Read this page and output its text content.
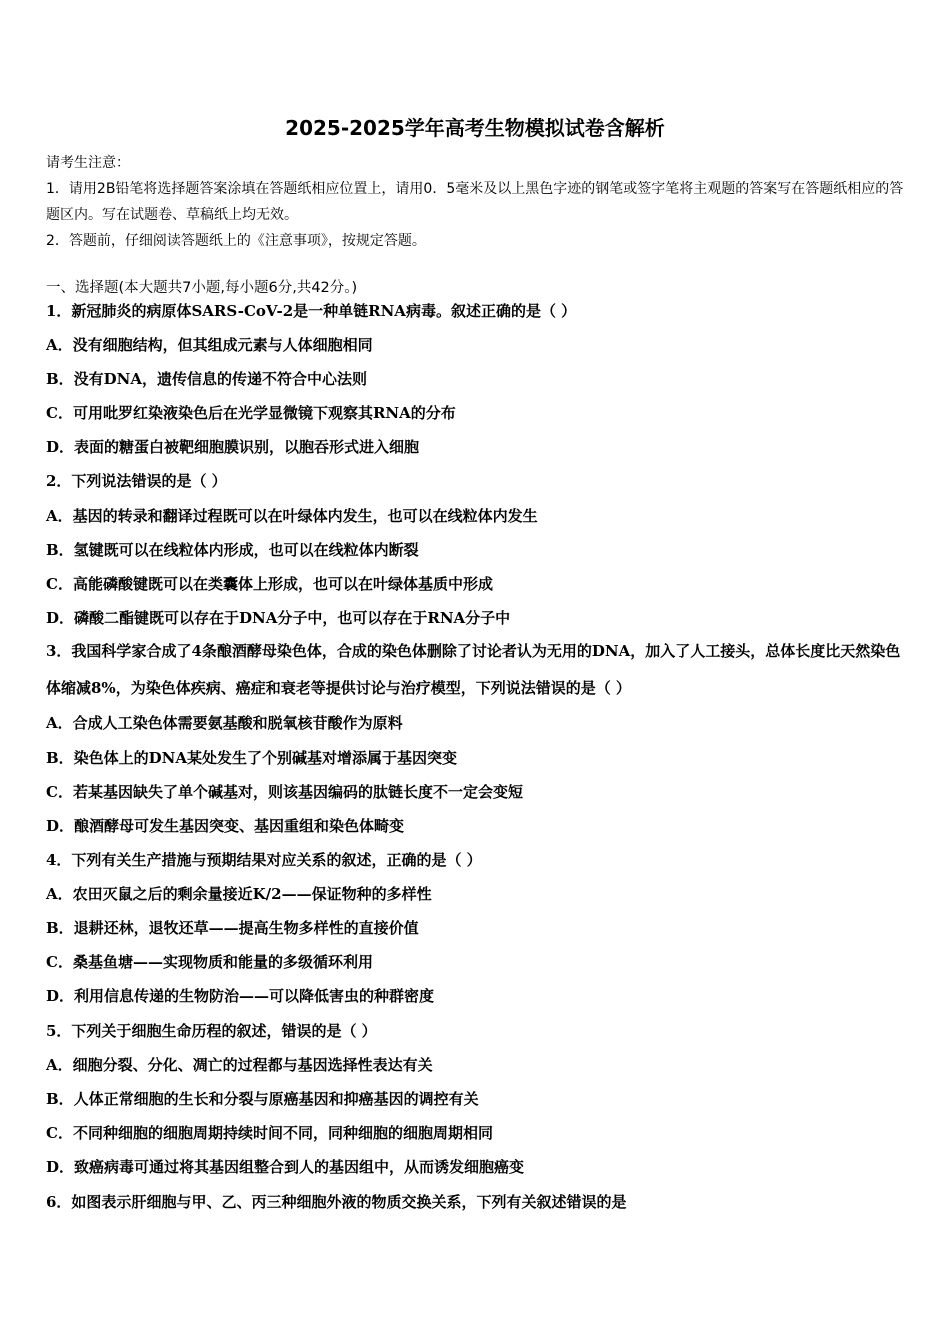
2025-2025学年高考生物模拟试卷含解析
请考生注意：
1．请用2B铅笔将选择题答案涂填在答题纸相应位置上，请用0．5毫米及以上黑色字迹的钢笔或签字笔将主观题的答案写在答题纸相应的答题区内。写在试题卷、草稿纸上均无效。
2．答题前，仔细阅读答题纸上的《注意事项》，按规定答题。
一、选择题(本大题共7小题,每小题6分,共42分。)
1．新冠肺炎的病原体SARS-CoV-2是一种单链RNA病毒。叙述正确的是（ ）
A．没有细胞结构，但其组成元素与人体细胞相同
B．没有DNA，遗传信息的传递不符合中心法则
C．可用吡罗红染液染色后在光学显微镜下观察其RNA的分布
D．表面的糖蛋白被靶细胞膜识别，以胞吞形式进入细胞
2．下列说法错误的是（ ）
A．基因的转录和翻译过程既可以在叶绿体内发生，也可以在线粒体内发生
B．氢键既可以在线粒体内形成，也可以在线粒体内断裂
C．高能磷酸键既可以在类囊体上形成，也可以在叶绿体基质中形成
D．磷酸二酯键既可以存在于DNA分子中，也可以存在于RNA分子中
3．我国科学家合成了4条酿酒酵母染色体，合成的染色体删除了讨论者认为无用的DNA，加入了人工接头，总体长度比天然染色体缩减8%，为染色体疾病、癌症和衰老等提供讨论与治疗模型，下列说法错误的是（ ）
A．合成人工染色体需要氨基酸和脱氧核苷酸作为原料
B．染色体上的DNA某处发生了个别碱基对增添属于基因突变
C．若某基因缺失了单个碱基对，则该基因编码的肽链长度不一定会变短
D．酿酒酵母可发生基因突变、基因重组和染色体畸变
4．下列有关生产措施与预期结果对应关系的叙述，正确的是（ ）
A．农田灭鼠之后的剩余量接近K/2——保证物种的多样性
B．退耕还林，退牧还草——提高生物多样性的直接价值
C．桑基鱼塘——实现物质和能量的多级循环利用
D．利用信息传递的生物防治——可以降低害虫的种群密度
5．下列关于细胞生命历程的叙述，错误的是（ ）
A．细胞分裂、分化、凋亡的过程都与基因选择性表达有关
B．人体正常细胞的生长和分裂与原癌基因和抑癌基因的调控有关
C．不同种细胞的细胞周期持续时间不同，同种细胞的细胞周期相同
D．致癌病毒可通过将其基因组整合到人的基因组中，从而诱发细胞癌变
6．如图表示肝细胞与甲、乙、丙三种细胞外液的物质交换关系，下列有关叙述错误的是
